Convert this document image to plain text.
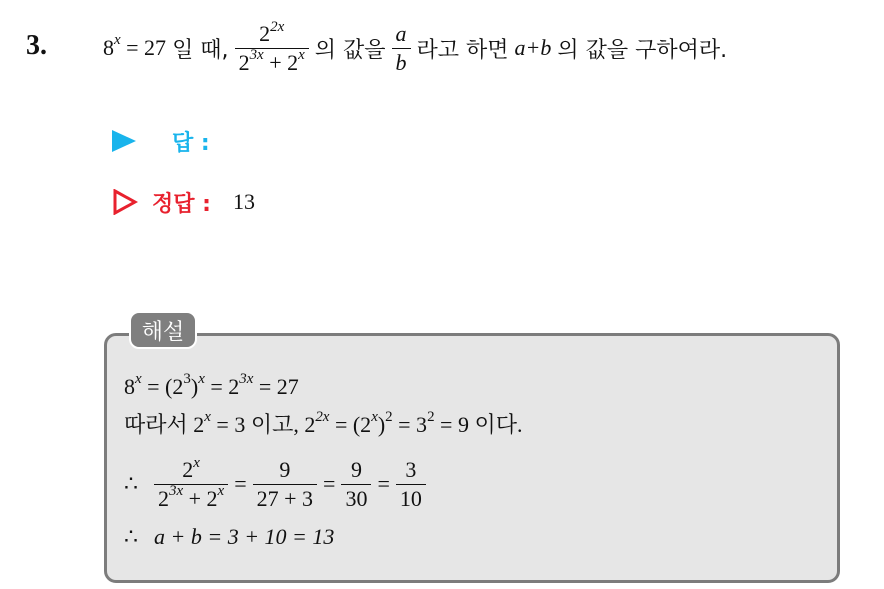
3.	$8^x = 27$ 일 때, $\frac{2^{2x}}{2^{3x} + 2^x}$ 의 값을 $\frac{a}{b}$ 라고 하면 a+b 의 값을 구하여라.
답 :
정답 : 13
해설
$8^x = (2^3)^x = 2^{3x} = 27$
따라서 $2^x = 3$ 이고, $2^{2x} = (2^x)^2 = 3^2 = 9$ 이다.
∴ $\frac{2^x}{2^{3x} + 2^x} = \frac{9}{27 + 3} = \frac{9}{30} = \frac{3}{10}$
∴ a + b = 3 + 10 = 13
